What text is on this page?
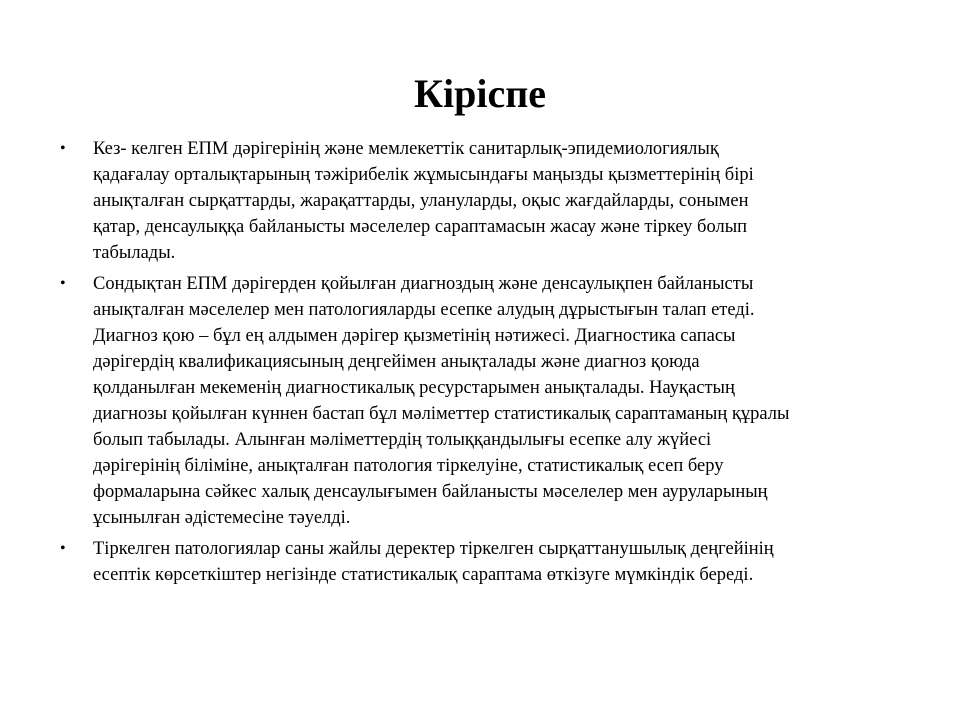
Кіріспе
• Кез- келген ЕПМ дәрігерінің және мемлекеттік санитарлық-эпидемиологиялық
қадағалау орталықтарының тәжірибелік жұмысындағы маңызды қызметтерінің бірі
анықталған сырқаттарды, жарақаттарды, улануларды, оқыс жағдайларды, сонымен
қатар, денсаулыққа байланысты мәселелер сараптамасын жасау және тіркеу болып
табылады.
• Сондықтан ЕПМ дәрігерден қойылған диагноздың және денсаулықпен байланысты
анықталған мәселелер мен патологияларды есепке алудың дұрыстығын талап етеді.
Диагноз қою – бұл ең алдымен дәрігер қызметінің нәтижесі. Диагностика сапасы
дәрігердің квалификациясының деңгейімен анықталады және диагноз қоюда
қолданылған мекеменің диагностикалық ресурстарымен анықталады. Науқастың
диагнозы қойылған күннен бастап бұл мәліметтер статистикалық сараптаманың құралы
болып табылады. Алынған мәліметтердің толыққандылығы есепке алу жүйесі
дәрігерінің біліміне, анықталған патология тіркелуіне, статистикалық есеп беру
формаларына сәйкес халық денсаулығымен байланысты мәселелер мен ауруларының
ұсынылған әдістемесіне тәуелді.
• Тіркелген патологиялар саны жайлы деректер тіркелген сырқаттанушылық деңгейінің
есептік көрсеткіштер негізінде статистикалық сараптама өткізуге мүмкіндік береді.
